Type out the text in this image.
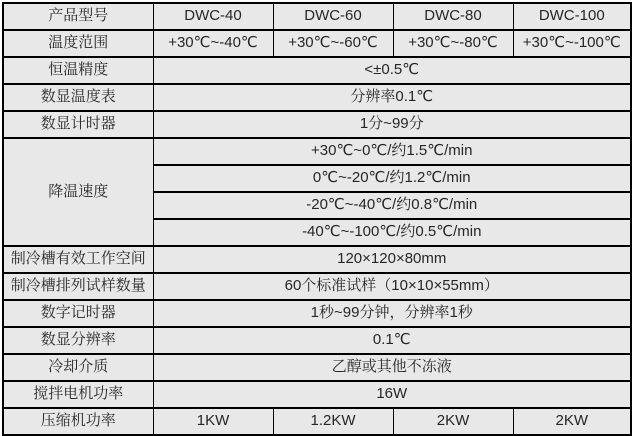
产品型号	DWC-40	DWC-60	DWC-80	DWC-100
温度范围	+30℃~-40℃	+30℃~-60℃	+30℃~-80℃	+30℃~-100℃
恒温精度	<±0.5℃			
数显温度表	分辨率0.1℃			
数显计时器	1分~99分			
降温速度	+30℃~0℃/约1.5℃/min			
	0℃~-20℃/约1.2℃/min			
	-20℃~-40℃/约0.8℃/min			
	-40℃~-100℃/约0.5℃/min			
制冷槽有效工作空间	120×120×80mm			
制冷槽排列试样数量	60个标准试样（10×10×55mm）			
数字记时器	1秒~99分钟，分辨率1秒			
数显分辨率	0.1℃			
冷却介质	乙醇或其他不冻液			
搅拌电机功率	16W			
压缩机功率	1KW	1.2KW	2KW	2KW
